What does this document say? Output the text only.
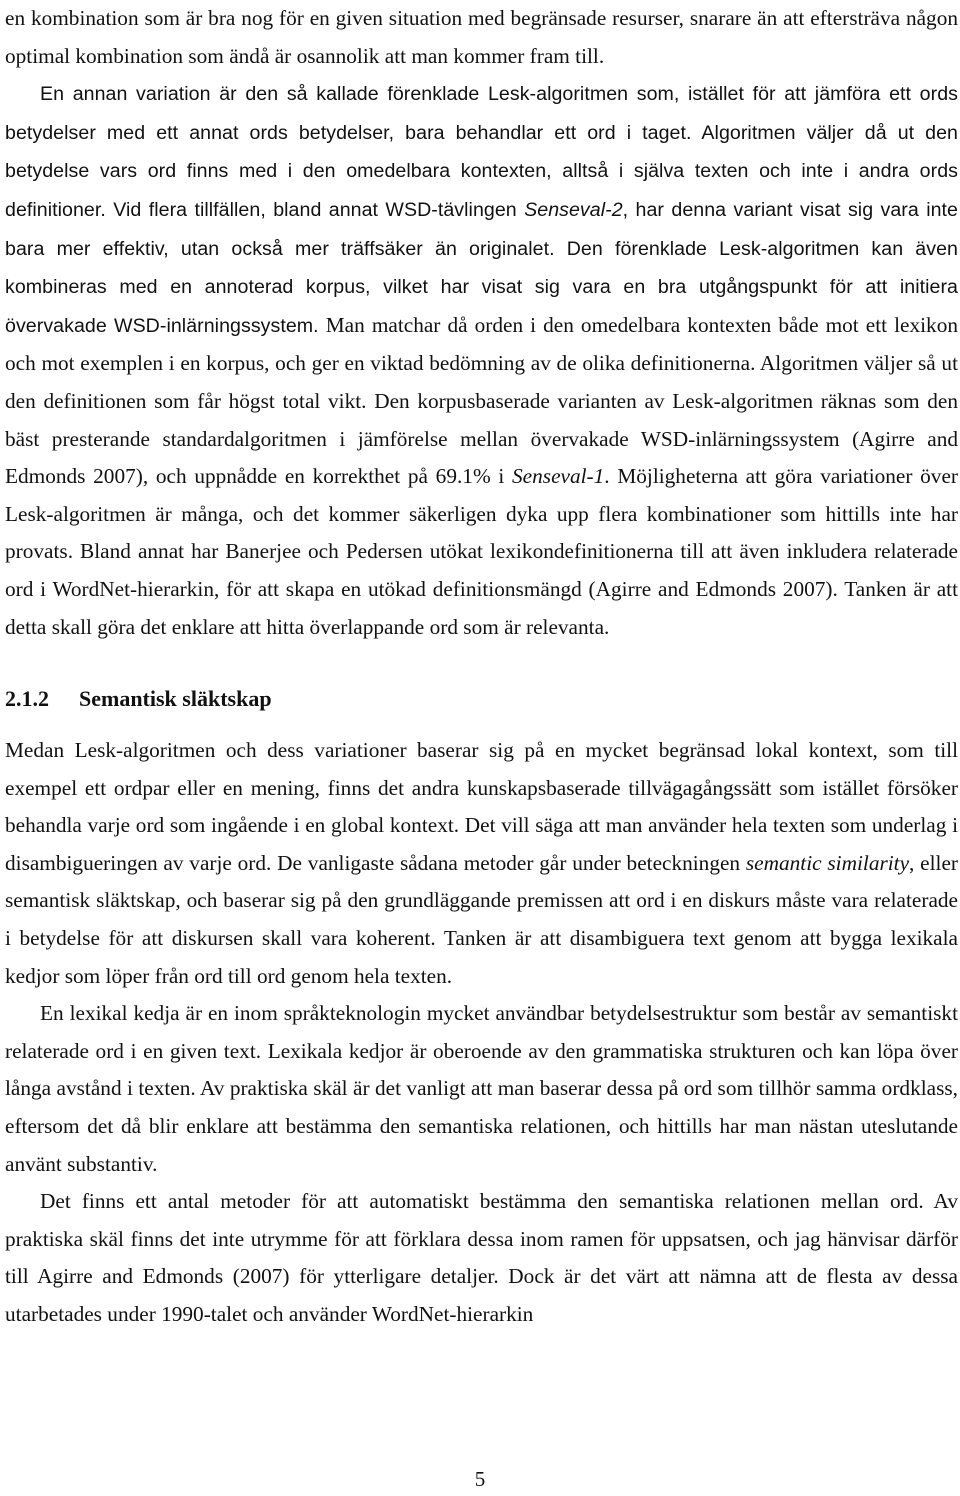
en kombination som är bra nog för en given situation med begränsade resurser, snarare än att eftersträva någon optimal kombination som ändå är osannolik att man kommer fram till.

En annan variation är den så kallade förenklade Lesk-algoritmen som, istället för att jämföra ett ords betydelser med ett annat ords betydelser, bara behandlar ett ord i taget. Algoritmen väljer då ut den betydelse vars ord finns med i den omedelbara kontexten, alltså i själva texten och inte i andra ords definitioner. Vid flera tillfällen, bland annat WSD-tävlingen Senseval-2, har denna variant visat sig vara inte bara mer effektiv, utan också mer träffsäker än originalet. Den förenklade Lesk-algoritmen kan även kombineras med en annoterad korpus, vilket har visat sig vara en bra utgångspunkt för att initiera övervakade WSD-inlärningssystem. Man matchar då orden i den omedelbara kontexten både mot ett lexikon och mot exemplen i en korpus, och ger en viktad bedömning av de olika definitionerna. Algoritmen väljer så ut den definitionen som får högst total vikt. Den korpusbaserade varianten av Lesk-algoritmen räknas som den bäst presterande standardalgoritmen i jämförelse mellan övervakade WSD-inlärningssystem (Agirre and Edmonds 2007), och uppnådde en korrekthet på 69.1% i Senseval-1. Möjligheterna att göra variationer över Lesk-algoritmen är många, och det kommer säkerligen dyka upp flera kombinationer som hittills inte har provats. Bland annat har Banerjee och Pedersen utökat lexikondefinitionerna till att även inkludera relaterade ord i WordNet-hierarkin, för att skapa en utökad definitionsmängd (Agirre and Edmonds 2007). Tanken är att detta skall göra det enklare att hitta överlappande ord som är relevanta.

2.1.2 Semantisk släktskap

Medan Lesk-algoritmen och dess variationer baserar sig på en mycket begränsad lokal kontext, som till exempel ett ordpar eller en mening, finns det andra kunskapsbaserade tillvägagångssätt som istället försöker behandla varje ord som ingående i en global kontext. Det vill säga att man använder hela texten som underlag i disambigueringen av varje ord. De vanligaste sådana metoder går under beteckningen semantic similarity, eller semantisk släktskap, och baserar sig på den grundläggande premissen att ord i en diskurs måste vara relaterade i betydelse för att diskursen skall vara koherent. Tanken är att disambiguera text genom att bygga lexikala kedjor som löper från ord till ord genom hela texten.

En lexikal kedja är en inom språkteknologin mycket användbar betydelsestruktur som består av semantiskt relaterade ord i en given text. Lexikala kedjor är oberoende av den grammatiska strukturen och kan löpa över långa avstånd i texten. Av praktiska skäl är det vanligt att man baserar dessa på ord som tillhör samma ordklass, eftersom det då blir enklare att bestämma den semantiska relationen, och hittills har man nästan uteslutande använt substantiv.

Det finns ett antal metoder för att automatiskt bestämma den semantiska relationen mellan ord. Av praktiska skäl finns det inte utrymme för att förklara dessa inom ramen för uppsatsen, och jag hänvisar därför till Agirre and Edmonds (2007) för ytterligare detaljer. Dock är det värt att nämna att de flesta av dessa utarbetades under 1990-talet och använder WordNet-hierarkin

5
